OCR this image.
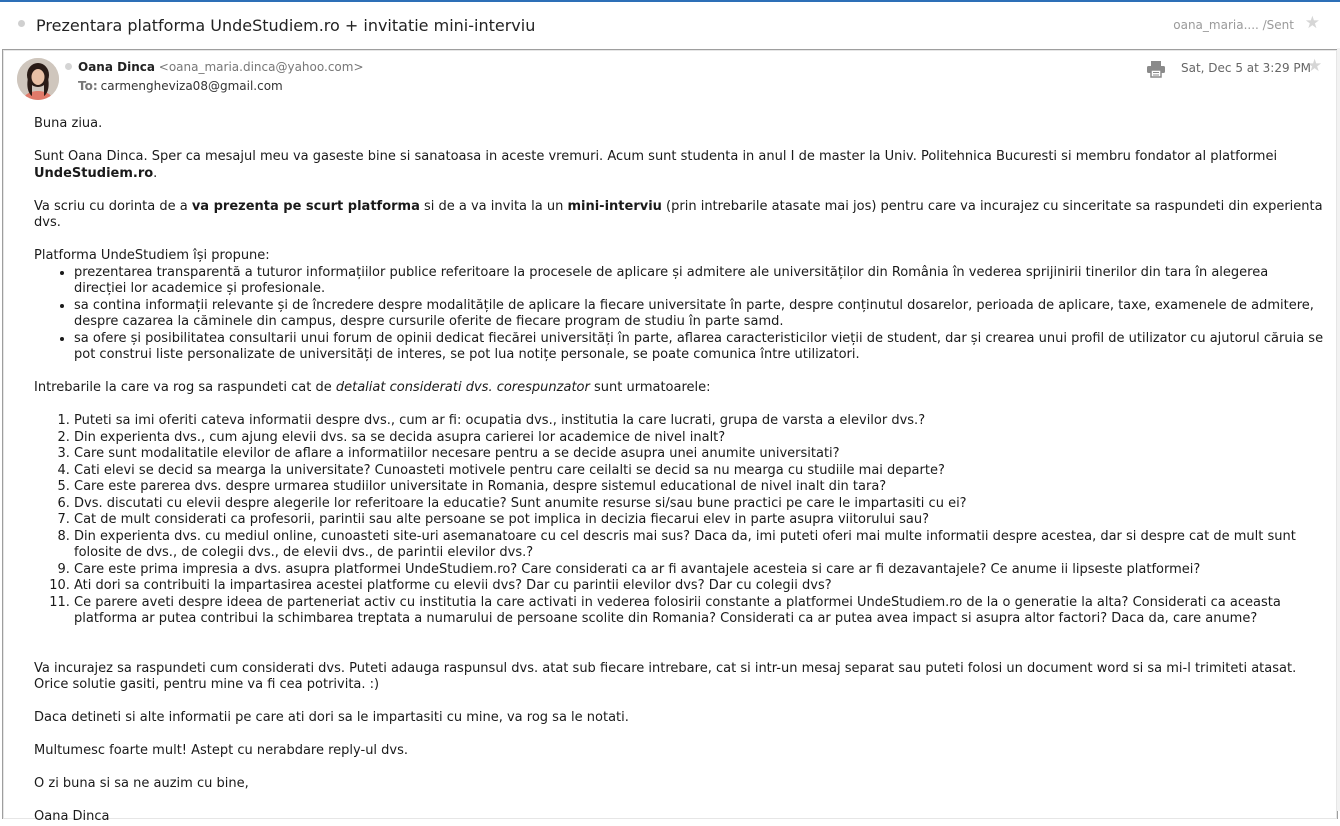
Prezentara platforma UndeStudiem.ro + invitatie mini-interviu	oana_maria.... /Sent ★
Oana Dinca <oana_maria.dinca@yahoo.com>
To: carmengheviza08@gmail.com
Sat, Dec 5 at 3:29 PM
★

Buna ziua.

Sunt Oana Dinca. Sper ca mesajul meu va gaseste bine si sanatoasa in aceste vremuri. Acum sunt studenta in anul I de master la Univ. Politehnica Bucuresti si membru fondator al platformei UndeStudiem.ro.

Va scriu cu dorinta de a va prezenta pe scurt platforma si de a va invita la un mini-interviu (prin intrebarile atasate mai jos) pentru care va incurajez cu sinceritate sa raspundeti din experienta dvs.

Platforma UndeStudiem își propune:

• prezentarea transparentă a tuturor informațiilor publice referitoare la procesele de aplicare și admitere ale universităților din România în vederea sprijinirii tinerilor din tara în alegerea direcției lor academice și profesionale.
• sa contina informații relevante și de încredere despre modalitățile de aplicare la fiecare universitate în parte, despre conținutul dosarelor, perioada de aplicare, taxe, examenele de admitere, despre cazarea la căminele din campus, despre cursurile oferite de fiecare program de studiu în parte samd.
• sa ofere și posibilitatea consultarii unui forum de opinii dedicat fiecărei universități în parte, aflarea caracteristicilor vieții de student, dar și crearea unui profil de utilizator cu ajutorul căruia se pot construi liste personalizate de universități de interes, se pot lua notițe personale, se poate comunica între utilizatori.

Intrebarile la care va rog sa raspundeti cat de detaliat considerati dvs. corespunzator sunt urmatoarele:

1. Puteti sa imi oferiti cateva informatii despre dvs., cum ar fi: ocupatia dvs., institutia la care lucrati, grupa de varsta a elevilor dvs.?
2. Din experienta dvs., cum ajung elevii dvs. sa se decida asupra carierei lor academice de nivel inalt?
3. Care sunt modalitatile elevilor de aflare a informatiilor necesare pentru a se decide asupra unei anumite universitati?
4. Cati elevi se decid sa mearga la universitate? Cunoasteti motivele pentru care ceilalti se decid sa nu mearga cu studiile mai departe?
5. Care este parerea dvs. despre urmarea studiilor universitate in Romania, despre sistemul educational de nivel inalt din tara?
6. Dvs. discutati cu elevii despre alegerile lor referitoare la educatie? Sunt anumite resurse si/sau bune practici pe care le impartasiti cu ei?
7. Cat de mult considerati ca profesorii, parintii sau alte persoane se pot implica in decizia fiecarui elev in parte asupra viitorului sau?
8. Din experienta dvs. cu mediul online, cunoasteti site-uri asemanatoare cu cel descris mai sus? Daca da, imi puteti oferi mai multe informatii despre acestea, dar si despre cat de mult sunt folosite de dvs., de colegii dvs., de elevii dvs., de parintii elevilor dvs.?
9. Care este prima impresia a dvs. asupra platformei UndeStudiem.ro? Care considerati ca ar fi avantajele acesteia si care ar fi dezavantajele? Ce anume ii lipseste platformei?
10. Ati dori sa contribuiti la impartasirea acestei platforme cu elevii dvs? Dar cu parintii elevilor dvs? Dar cu colegii dvs?
11. Ce parere aveti despre ideea de parteneriat activ cu institutia la care activati in vederea folosirii constante a platformei UndeStudiem.ro de la o generatie la alta? Considerati ca aceasta platforma ar putea contribui la schimbarea treptata a numarului de persoane scolite din Romania? Considerati ca ar putea avea impact si asupra altor factori? Daca da, care anume?

Va incurajez sa raspundeti cum considerati dvs. Puteti adauga raspunsul dvs. atat sub fiecare intrebare, cat si intr-un mesaj separat sau puteti folosi un document word si sa mi-l trimiteti atasat. Orice solutie gasiti, pentru mine va fi cea potrivita. :)

Daca detineti si alte informatii pe care ati dori sa le impartasiti cu mine, va rog sa le notati.

Multumesc foarte mult! Astept cu nerabdare reply-ul dvs.

O zi buna si sa ne auzim cu bine,

Oana Dinca
